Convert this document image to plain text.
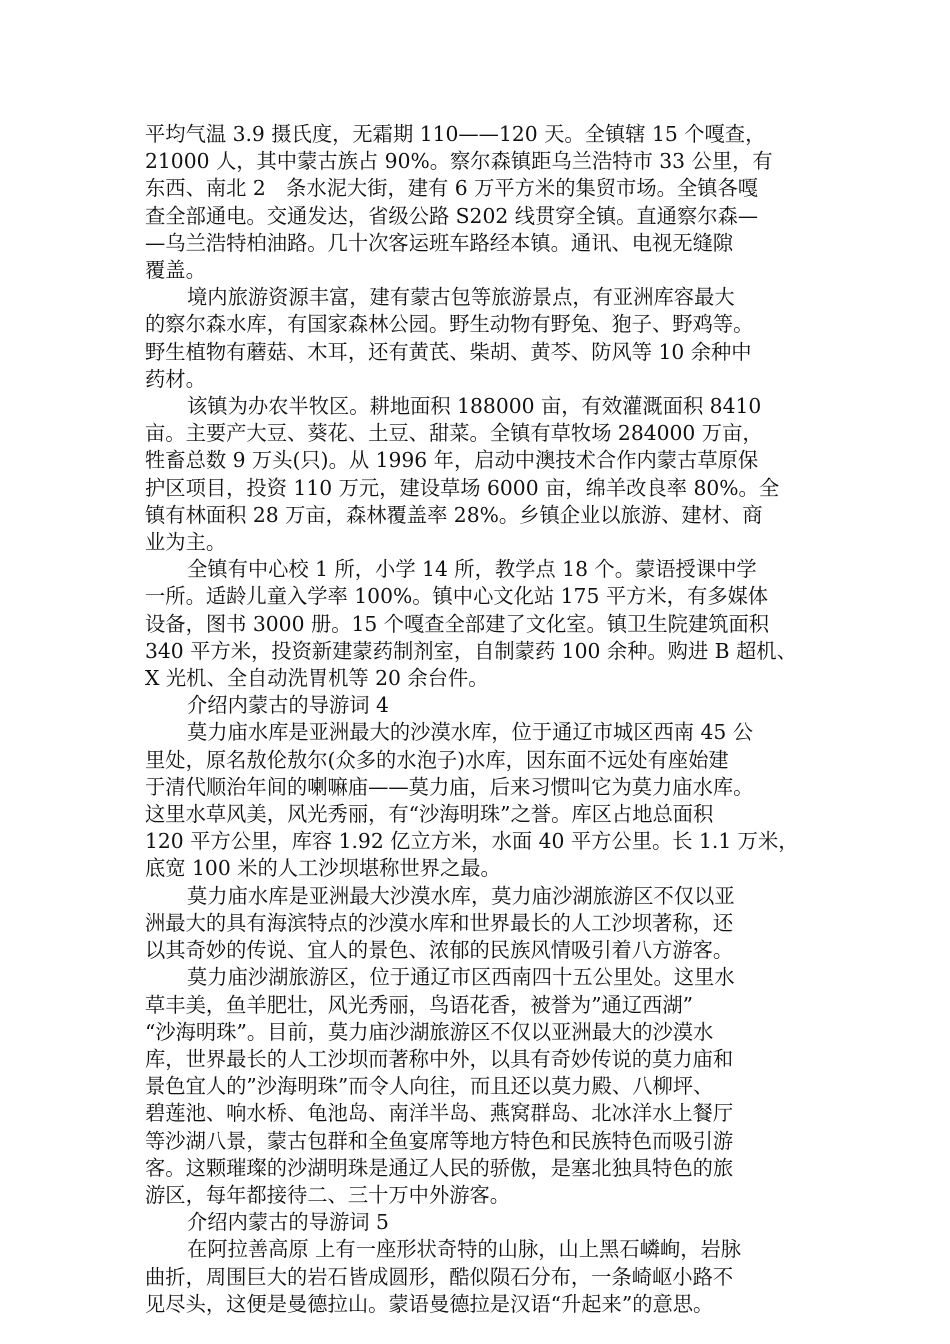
平均气温 3.9 摄氏度，无霜期 110——120 天。全镇辖 15 个嘎查，
21000 人，其中蒙古族占 90%。察尔森镇距乌兰浩特市 33 公里，有
东西、南北 2　条水泥大街，建有 6 万平方米的集贸市场。全镇各嘎
查全部通电。交通发达，省级公路 S202 线贯穿全镇。直通察尔森—
—乌兰浩特柏油路。几十次客运班车路经本镇。通讯、电视无缝隙
覆盖。
境内旅游资源丰富，建有蒙古包等旅游景点，有亚洲库容最大
的察尔森水库，有国家森林公园。野生动物有野兔、狍子、野鸡等。
野生植物有蘑菇、木耳，还有黄芪、柴胡、黄芩、防风等 10 余种中
药材。
该镇为办农半牧区。耕地面积 188000 亩，有效灌溉面积 8410
亩。主要产大豆、葵花、土豆、甜菜。全镇有草牧场 284000 万亩，
牲畜总数 9 万头(只)。从 1996 年，启动中澳技术合作内蒙古草原保
护区项目，投资 110 万元，建设草场 6000 亩，绵羊改良率 80%。全
镇有林面积 28 万亩，森林覆盖率 28%。乡镇企业以旅游、建材、商
业为主。
全镇有中心校 1 所，小学 14 所，教学点 18 个。蒙语授课中学
一所。适龄儿童入学率 100%。镇中心文化站 175 平方米，有多媒体
设备，图书 3000 册。15 个嘎查全部建了文化室。镇卫生院建筑面积
340 平方米，投资新建蒙药制剂室，自制蒙药 100 余种。购进 B 超机、
X 光机、全自动洗胃机等 20 余台件。

介绍内蒙古的导游词 4

莫力庙水库是亚洲最大的沙漠水库，位于通辽市城区西南 45 公
里处，原名敖伦敖尔(众多的水泡子)水库，因东面不远处有座始建
于清代顺治年间的喇嘛庙——莫力庙，后来习惯叫它为莫力庙水库。
这里水草风美，风光秀丽，有“沙海明珠”之誉。库区占地总面积
120 平方公里，库容 1.92 亿立方米，水面 40 平方公里。长 1.1 万米，
底宽 100 米的人工沙坝堪称世界之最。
莫力庙水库是亚洲最大沙漠水库，莫力庙沙湖旅游区不仅以亚
洲最大的具有海滨特点的沙漠水库和世界最长的人工沙坝著称，还
以其奇妙的传说、宜人的景色、浓郁的民族风情吸引着八方游客。
莫力庙沙湖旅游区，位于通辽市区西南四十五公里处。这里水
草丰美，鱼羊肥壮，风光秀丽，鸟语花香，被誉为”通辽西湖”
“沙海明珠”。目前，莫力庙沙湖旅游区不仅以亚洲最大的沙漠水
库，世界最长的人工沙坝而著称中外，以具有奇妙传说的莫力庙和
景色宜人的”沙海明珠”而令人向往，而且还以莫力殿、八柳坪、
碧莲池、响水桥、龟池岛、南洋半岛、燕窝群岛、北冰洋水上餐厅
等沙湖八景，蒙古包群和全鱼宴席等地方特色和民族特色而吸引游
客。这颗璀璨的沙湖明珠是通辽人民的骄傲，是塞北独具特色的旅
游区，每年都接待二、三十万中外游客。

介绍内蒙古的导游词 5

在阿拉善高原 上有一座形状奇特的山脉，山上黑石嶙峋，岩脉
曲折，周围巨大的岩石皆成圆形，酷似陨石分布，一条崎岖小路不
见尽头，这便是曼德拉山。蒙语曼德拉是汉语“升起来”的意思。
